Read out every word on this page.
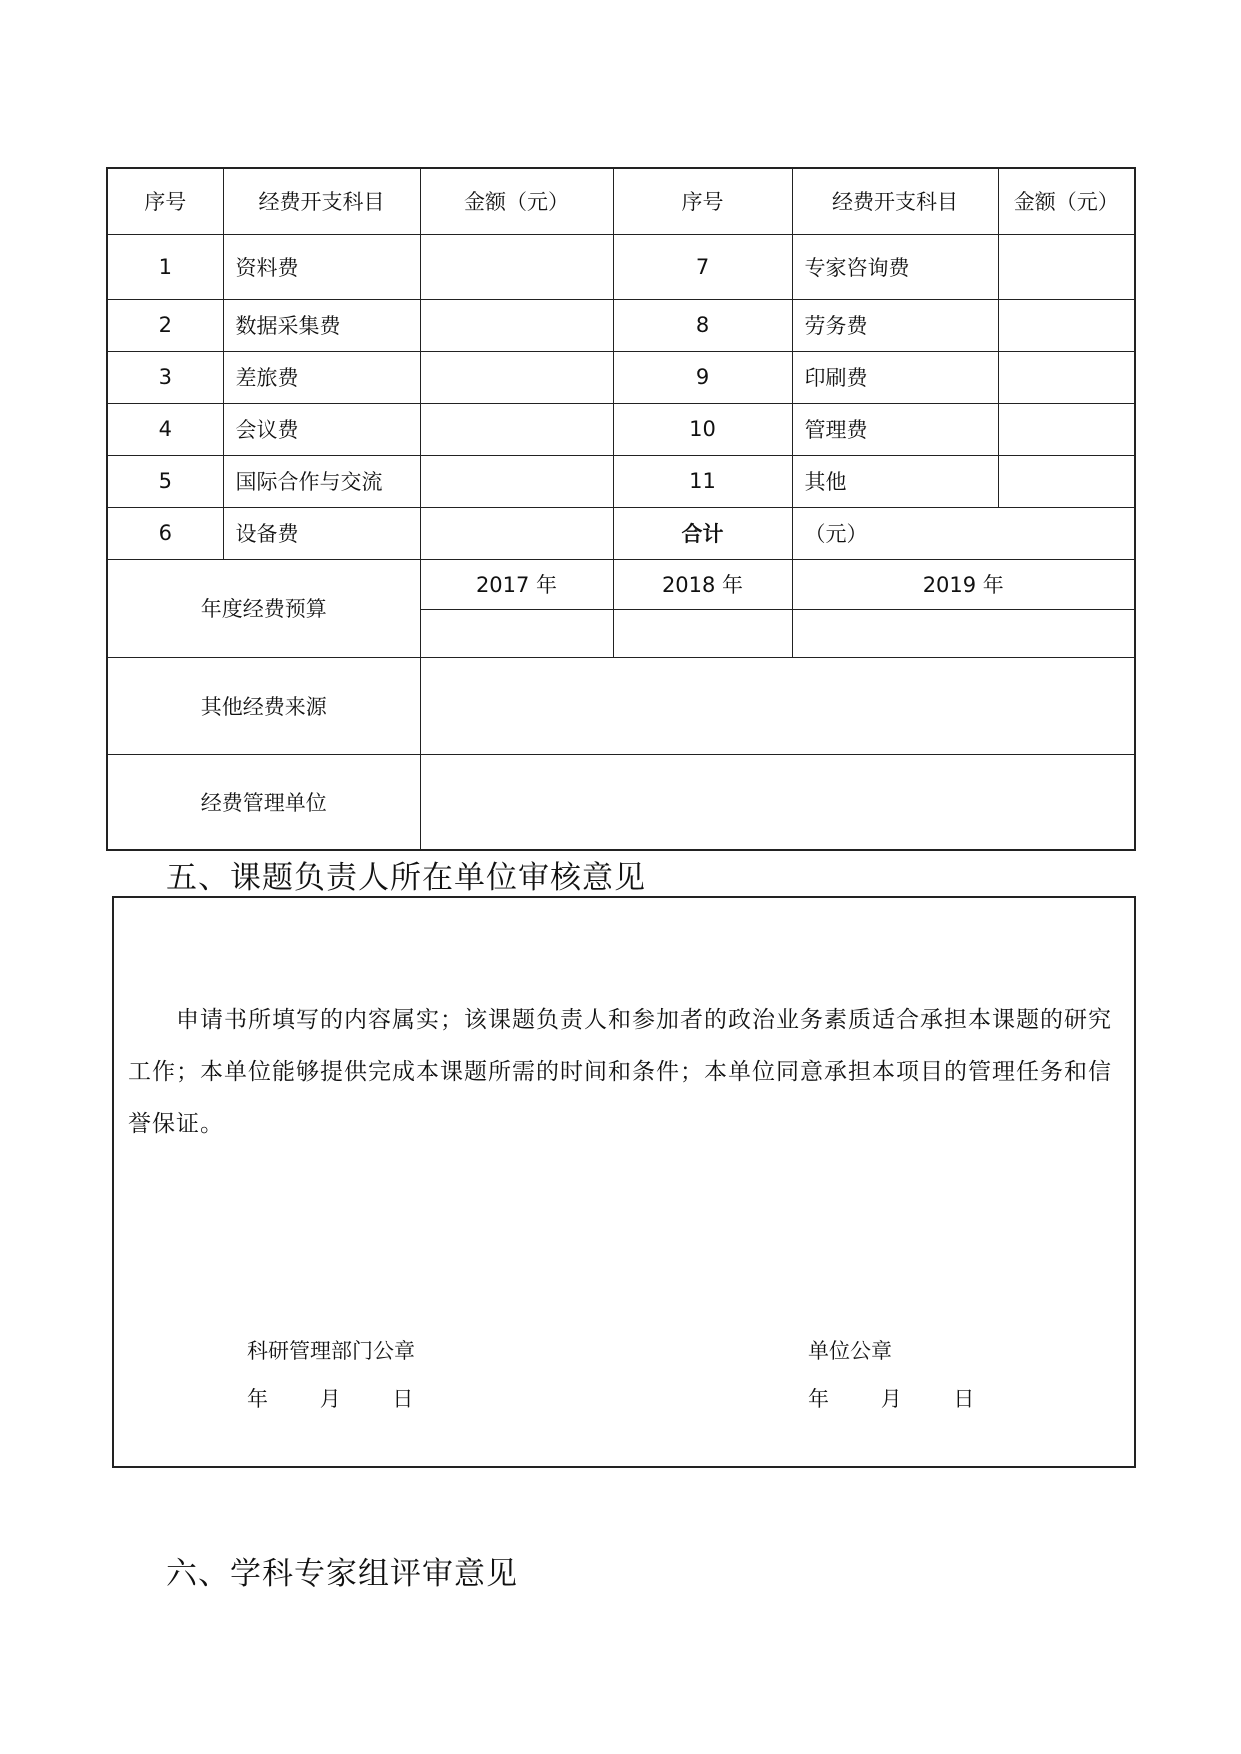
序号	经费开支科目	金额（元）	序号	经费开支科目	金额（元）
1	资料费		7	专家咨询费	
2	数据采集费		8	劳务费	
3	差旅费		9	印刷费	
4	会议费		10	管理费	
5	国际合作与交流		11	其他	
6	设备费		合计	（元）	
年度经费预算		2017 年	2018 年	2019 年	

其他经费来源					
经费管理单位					
五、课题负责人所在单位审核意见
申请书所填写的内容属实；该课题负责人和参加者的政治业务素质适合承担本课题的研究工作；本单位能够提供完成本课题所需的时间和条件；本单位同意承担本项目的管理任务和信誉保证。
科研管理部门公章
年 月 日
单位公章
年 月 日
六、学科专家组评审意见
